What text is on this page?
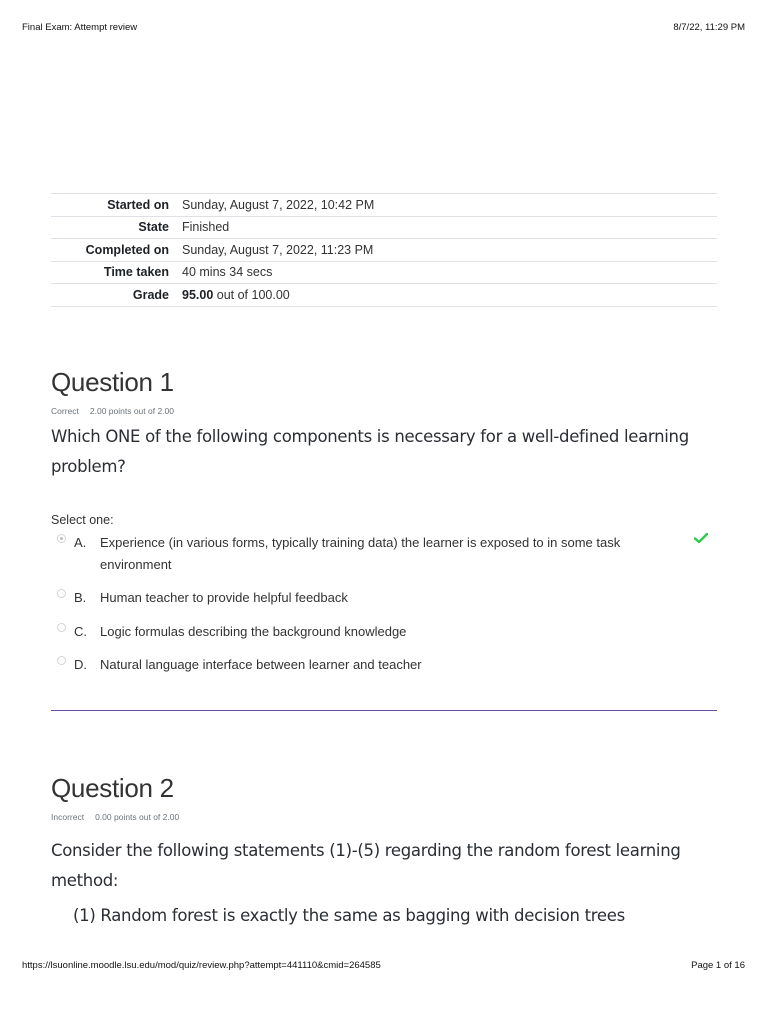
Final Exam: Attempt review	8/7/22, 11:29 PM
Started on	Sunday, August 7, 2022, 10:42 PM
State	Finished
Completed on	Sunday, August 7, 2022, 11:23 PM
Time taken	40 mins 34 secs
Grade	95.00 out of 100.00
Question 1
Correct 2.00 points out of 2.00

Which ONE of the following components is necessary for a well-defined learning problem?

Select one:
A.	Experience (in various forms, typically training data) the learner is exposed to in some task environment
B.	Human teacher to provide helpful feedback
C.	Logic formulas describing the background knowledge
D.	Natural language interface between learner and teacher
Question 2
Incorrect 0.00 points out of 2.00

Consider the following statements (1)-(5) regarding the random forest learning method:

(1) Random forest is exactly the same as bagging with decision trees
https://lsuonline.moodle.lsu.edu/mod/quiz/review.php?attempt=441110&cmid=264585	Page 1 of 16
